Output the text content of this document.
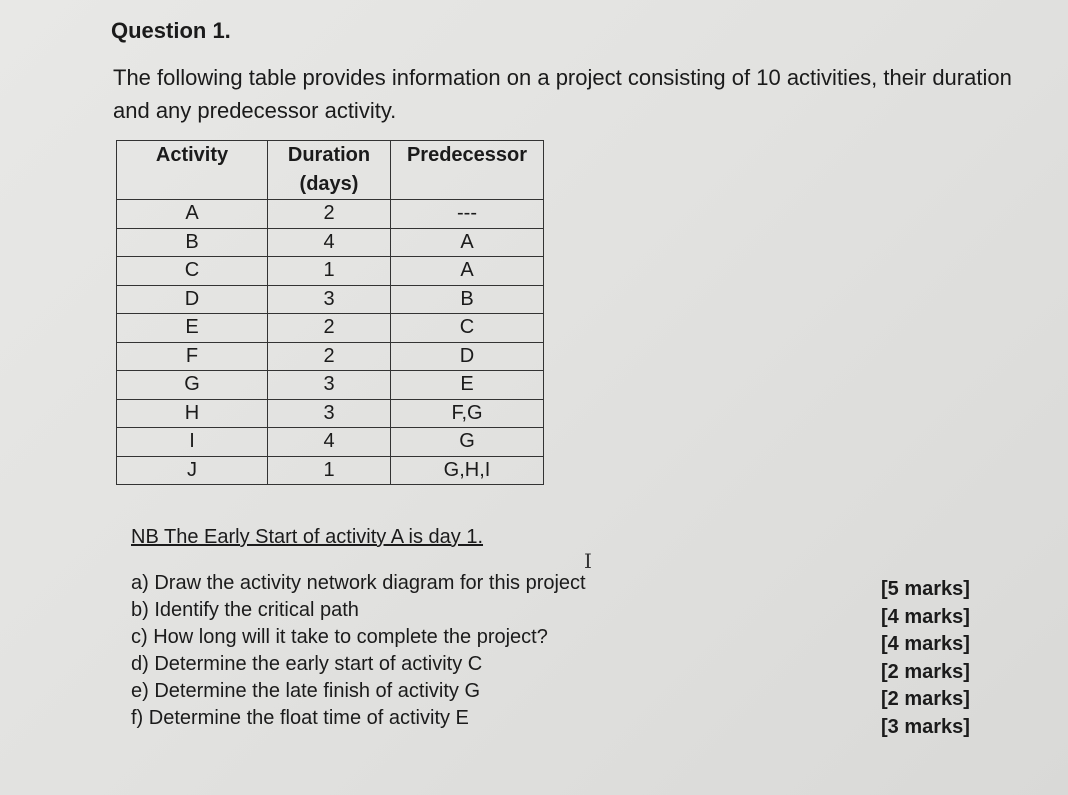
Question 1.
The following table provides information on a project consisting of 10 activities, their duration and any predecessor activity.
Activity	Duration (days)	Predecessor
A	2	---
B	4	A
C	1	A
D	3	B
E	2	C
F	2	D
G	3	E
H	3	F,G
I	4	G
J	1	G,H,I
NB The Early Start of activity A is day 1.
I
a) Draw the activity network diagram for this project
b) Identify the critical path
c) How long will it take to complete the project?
d) Determine the early start of activity C
e) Determine the late finish of activity G
f) Determine the float time of activity E
[5 marks]
[4 marks]
[4 marks]
[2 marks]
[2 marks]
[3 marks]
